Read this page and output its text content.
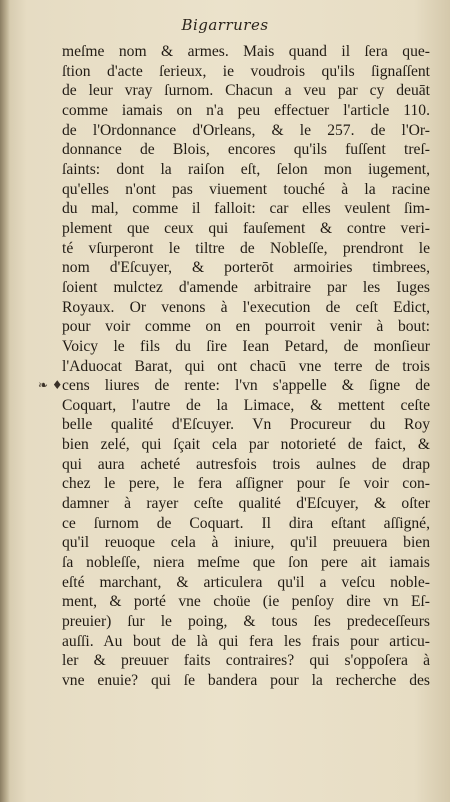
Bigarrures
❧ ♦
meſme nom & armes. Mais quand il ſera que-
ſtion d'acte ſerieux, ie voudrois qu'ils ſignaſſent
de leur vray ſurnom. Chacun a veu par cy deuāt
comme iamais on n'a peu effectuer l'article 110.
de l'Ordonnance d'Orleans, & le 257. de l'Or-
donnance de Blois, encores qu'ils fuſſent treſ-
ſaints: dont la raiſon eſt, ſelon mon iugement,
qu'elles n'ont pas viuement touché à la racine
du mal, comme il falloit: car elles veulent ſim-
plement que ceux qui fauſement & contre veri-
té vſurperont le tiltre de Nobleſſe, prendront le
nom d'Eſcuyer, & porterōt armoiries timbrees,
ſoient mulctez d'amende arbitraire par les Iuges
Royaux. Or venons à l'execution de ceſt Edict,
pour voir comme on en pourroit venir à bout:
Voicy le fils du ſire Iean Petard, de monſieur
l'Aduocat Barat, qui ont chacū vne terre de trois
cens liures de rente: l'vn s'appelle & ſigne de
Coquart, l'autre de la Limace, & mettent ceſte
belle qualité d'Eſcuyer. Vn Procureur du Roy
bien zelé, qui ſçait cela par notorieté de faict, &
qui aura acheté autresfois trois aulnes de drap
chez le pere, le fera aſſigner pour ſe voir con-
damner à rayer ceſte qualité d'Eſcuyer, & oſter
ce ſurnom de Coquart. Il dira eſtant aſſigné,
qu'il reuoque cela à iniure, qu'il preuuera bien
ſa nobleſſe, niera meſme que ſon pere ait iamais
eſté marchant, & articulera qu'il a veſcu noble-
ment, & porté vne choüe (ie penſoy dire vn Eſ-
preuier) ſur le poing, & tous ſes predeceſſeurs
auſſi. Au bout de là qui fera les frais pour articu-
ler & preuuer faits contraires? qui s'oppoſera à
vne enuie? qui ſe bandera pour la recherche des
